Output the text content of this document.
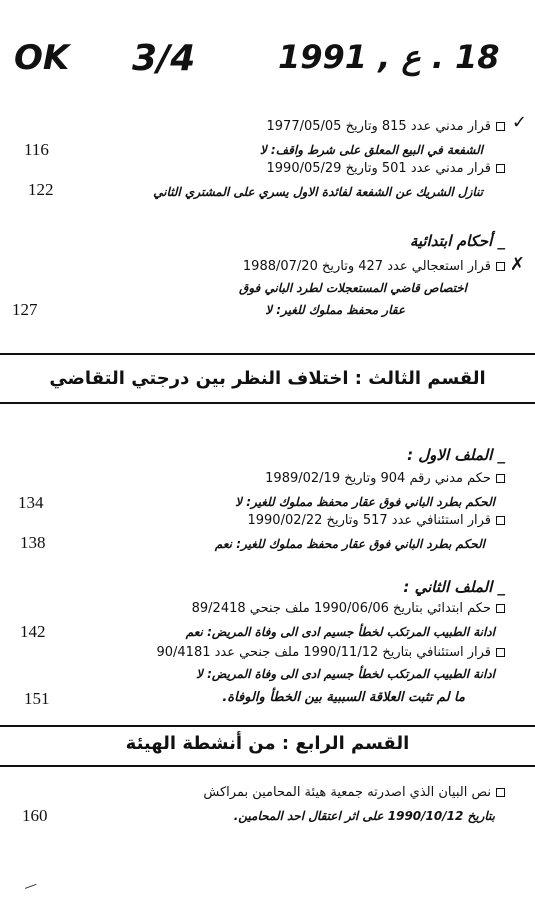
OK 3/4	18 . ع , 1991
✓
قرار مدني عدد 815 وتاريخ 1977/05/05
الشفعة في البيع المعلق على شرط واقف: لا
116
قرار مدني عدد 501 وتاريخ 1990/05/29
تنازل الشريك عن الشفعة لفائدة الاول يسري على المشتري الثاني
122
_ أحكام ابتدائية
✗
قرار استعجالي عدد 427 وتاريخ 1988/07/20
اختصاص قاضي المستعجلات لطرد الباني فوق
عقار محفظ مملوك للغير: لا
127
القسم الثالث : اختلاف النظر بين درجتي التقاضي
_ الملف الاول :
حكم مدني رقم 904 وتاريخ 1989/02/19
الحكم بطرد الباني فوق عقار محفظ مملوك للغير: لا
134
قرار استئنافي عدد 517 وتاريخ 1990/02/22
الحكم بطرد الباني فوق عقار محفظ مملوك للغير: نعم
138
_ الملف الثاني :
حكم ابتدائي بتاريخ 1990/06/06 ملف جنحي 89/2418
ادانة الطبيب المرتكب لخطأ جسيم ادى الى وفاة المريض: نعم
142
قرار استئنافي بتاريخ 1990/11/12 ملف جنحي عدد 90/4181
ادانة الطبيب المرتكب لخطأ جسيم ادى الى وفاة المريض: لا
ما لم تثبت العلاقة السببية بين الخطأ والوفاة.
151
القسم الرابع : من أنشطة الهيئة
نص البيان الذي اصدرته جمعية هيئة المحامين بمراكش
بتاريخ 1990/10/12 على اثر اعتقال احد المحامين.
160
